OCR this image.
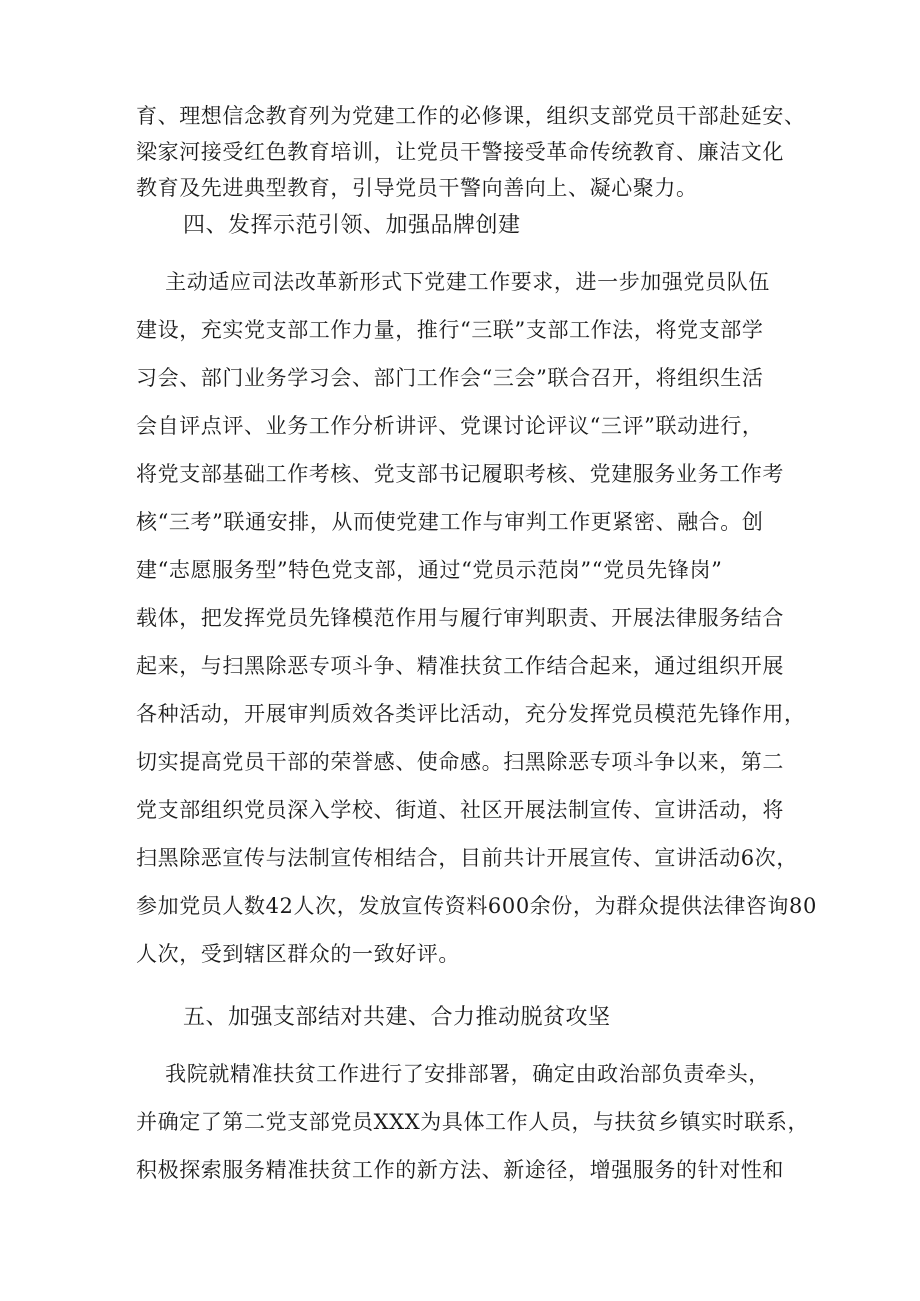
育、理想信念教育列为党建工作的必修课，组织支部党员干部赴延安、
梁家河接受红色教育培训，让党员干警接受革命传统教育、廉洁文化
教育及先进典型教育，引导党员干警向善向上、凝心聚力。
四、发挥示范引领、加强品牌创建
主动适应司法改革新形式下党建工作要求，进一步加强党员队伍
建设，充实党支部工作力量，推行“三联”支部工作法，将党支部学
习会、部门业务学习会、部门工作会“三会”联合召开，将组织生活
会自评点评、业务工作分析讲评、党课讨论评议“三评”联动进行，
将党支部基础工作考核、党支部书记履职考核、党建服务业务工作考
核“三考”联通安排，从而使党建工作与审判工作更紧密、融合。创
建“志愿服务型”特色党支部，通过“党员示范岗”“党员先锋岗”
载体，把发挥党员先锋模范作用与履行审判职责、开展法律服务结合
起来，与扫黑除恶专项斗争、精准扶贫工作结合起来，通过组织开展
各种活动，开展审判质效各类评比活动，充分发挥党员模范先锋作用，
切实提高党员干部的荣誉感、使命感。扫黑除恶专项斗争以来，第二
党支部组织党员深入学校、街道、社区开展法制宣传、宣讲活动，将
扫黑除恶宣传与法制宣传相结合，目前共计开展宣传、宣讲活动6次，
参加党员人数42人次，发放宣传资料600余份，为群众提供法律咨询80
人次，受到辖区群众的一致好评。
五、加强支部结对共建、合力推动脱贫攻坚
我院就精准扶贫工作进行了安排部署，确定由政治部负责牵头，
并确定了第二党支部党员XXX为具体工作人员，与扶贫乡镇实时联系，
积极探索服务精准扶贫工作的新方法、新途径，增强服务的针对性和
